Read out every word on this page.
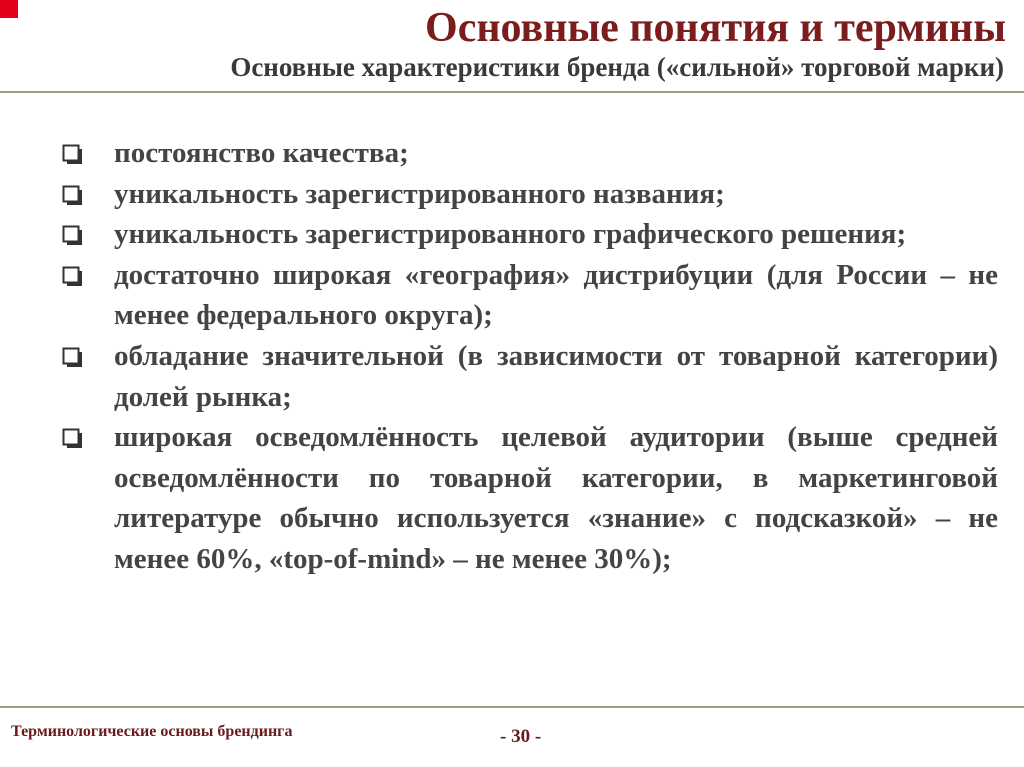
Основные понятия и термины
Основные характеристики бренда («сильной» торговой марки)
постоянство качества;
уникальность зарегистрированного названия;
уникальность зарегистрированного графического решения;
достаточно широкая «география» дистрибуции (для России – не менее федерального округа);
обладание значительной (в зависимости от товарной категории) долей рынка;
широкая осведомлённость целевой аудитории (выше средней осведомлённости по товарной категории, в маркетинговой литературе обычно используется «знание» с подсказкой» – не менее 60%, «top-of-mind» – не менее 30%);
Терминологические основы брендинга	- 30 -
